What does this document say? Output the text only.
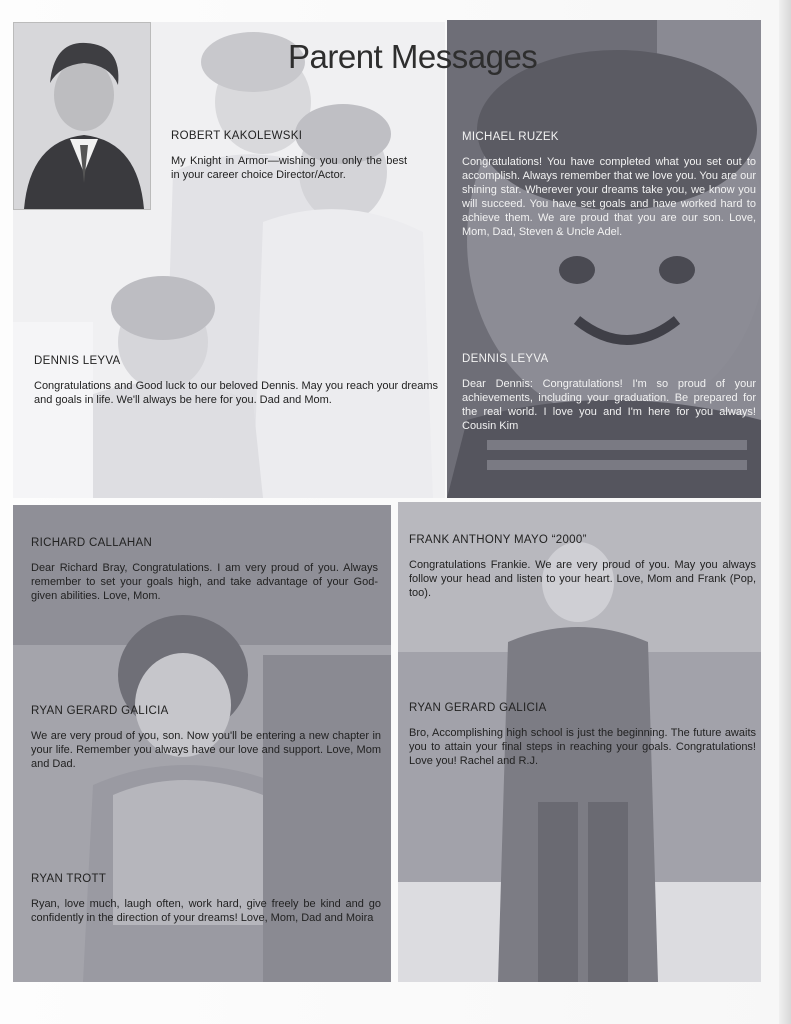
Parent Messages
ROBERT KAKOLEWSKI
My Knight in Armor—wishing you only the best in your career choice Director/Actor.
MICHAEL RUZEK
Congratulations! You have completed what you set out to accomplish. Always remember that we love you. You are our shining star. Wherever your dreams take you, we know you will succeed. You have set goals and have worked hard to achieve them. We are proud that you are our son. Love, Mom, Dad, Steven & Uncle Adel.
DENNIS LEYVA
Congratulations and Good luck to our beloved Dennis. May you reach your dreams and goals in life. We'll always be here for you. Dad and Mom.
DENNIS LEYVA
Dear Dennis: Congratulations! I'm so proud of your achievements, including your graduation. Be prepared for the real world. I love you and I'm here for you always! Cousin Kim
RICHARD CALLAHAN
Dear Richard Bray, Congratulations. I am very proud of you. Always remember to set your goals high, and take advantage of your God-given abilities. Love, Mom.
FRANK ANTHONY MAYO “2000”
Congratulations Frankie. We are very proud of you. May you always follow your head and listen to your heart. Love, Mom and Frank (Pop, too).
RYAN GERARD GALICIA
We are very proud of you, son. Now you'll be entering a new chapter in your life. Remember you always have our love and support. Love, Mom and Dad.
RYAN GERARD GALICIA
Bro, Accomplishing high school is just the beginning. The future awaits you to attain your final steps in reaching your goals. Congratulations! Love you! Rachel and R.J.
RYAN TROTT
Ryan, love much, laugh often, work hard, give freely be kind and go confidently in the direction of your dreams! Love, Mom, Dad and Moira
